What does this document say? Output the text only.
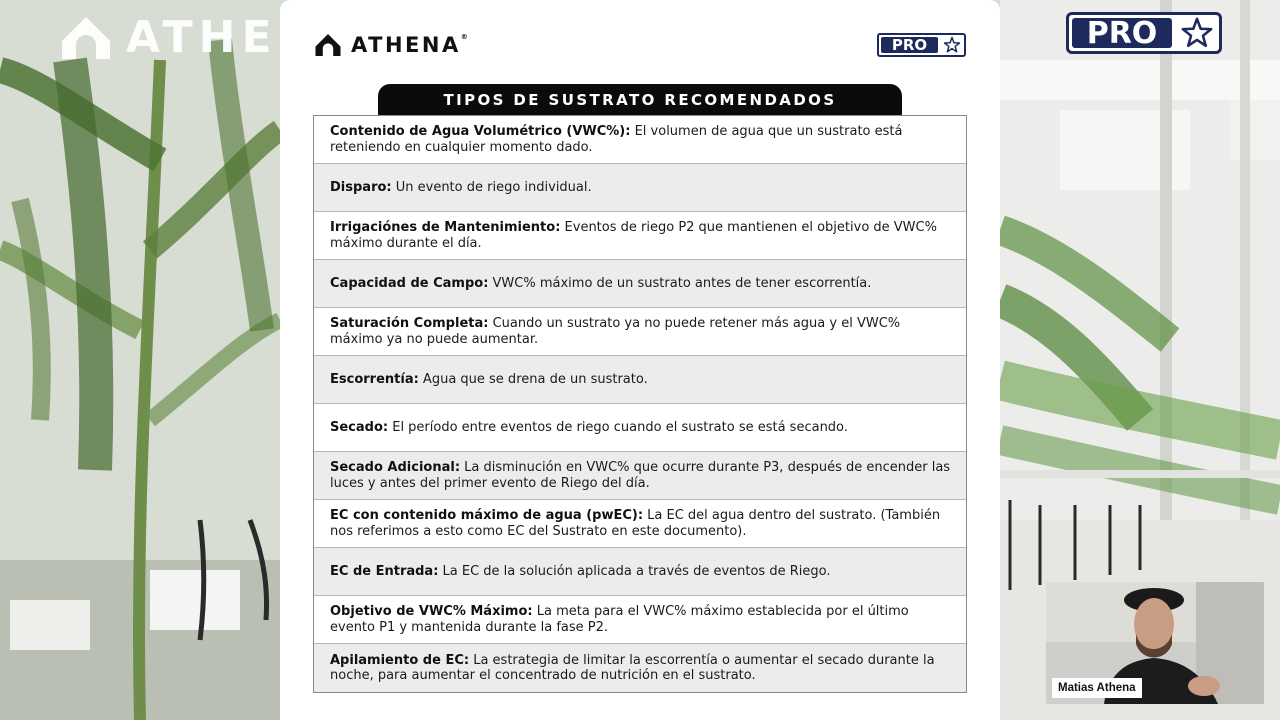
ATHE	PRO
ATHENA®	PRO
TIPOS DE SUSTRATO RECOMENDADOS
Contenido de Agua Volumétrico (VWC%): El volumen de agua que un sustrato está reteniendo en cualquier momento dado.
Disparo: Un evento de riego individual.
Irrigaciónes de Mantenimiento: Eventos de riego P2 que mantienen el objetivo de VWC% máximo durante el día.
Capacidad de Campo: VWC% máximo de un sustrato antes de tener escorrentía.
Saturación Completa: Cuando un sustrato ya no puede retener más agua y el VWC% máximo ya no puede aumentar.
Escorrentía: Agua que se drena de un sustrato.
Secado: El período entre eventos de riego cuando el sustrato se está secando.
Secado Adicional: La disminución en VWC% que ocurre durante P3, después de encender las luces y antes del primer evento de Riego del día.
EC con contenido máximo de agua (pwEC): La EC del agua dentro del sustrato. (También nos referimos a esto como EC del Sustrato en este documento).
EC de Entrada: La EC de la solución aplicada a través de eventos de Riego.
Objetivo de VWC% Máximo: La meta para el VWC% máximo establecida por el último evento P1 y mantenida durante la fase P2.
Apilamiento de EC: La estrategia de limitar la escorrentía o aumentar el secado durante la noche, para aumentar el concentrado de nutrición en el sustrato.
Matias Athena
